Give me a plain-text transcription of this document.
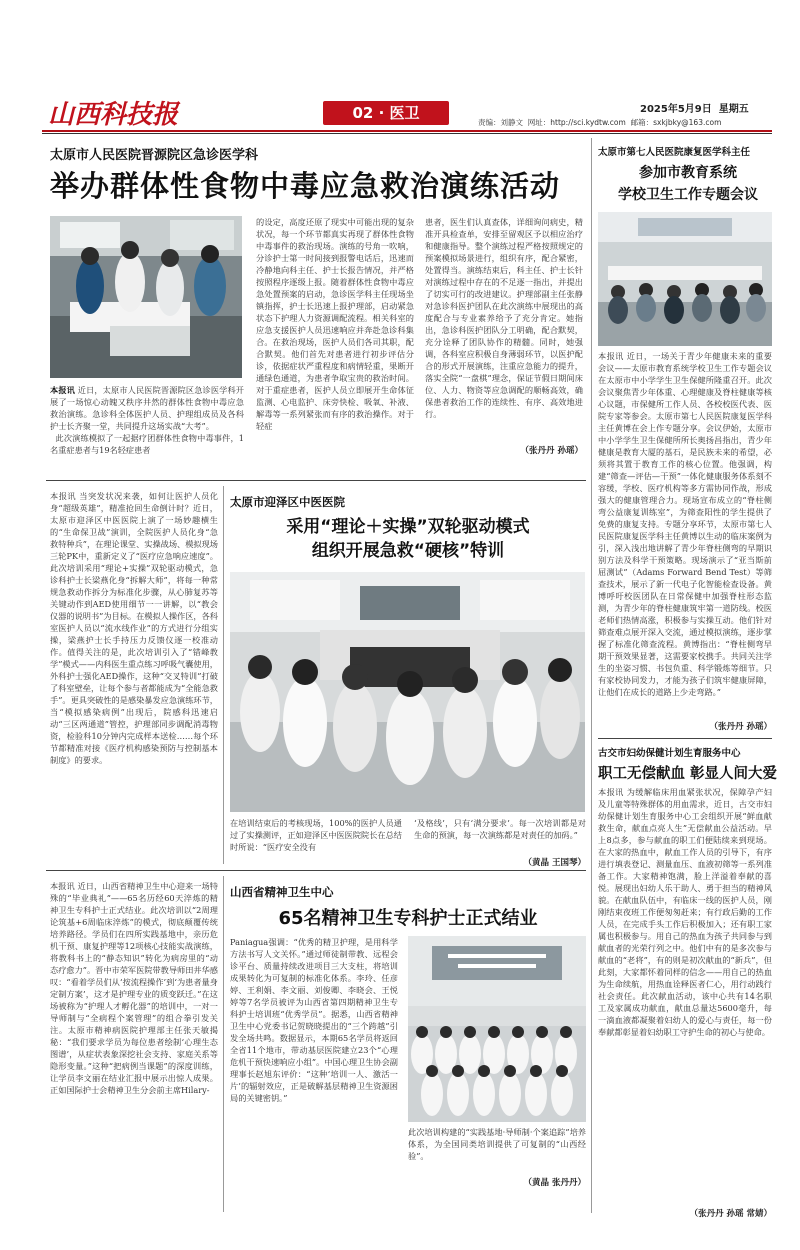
山西科技报	02 · 医卫	2025年5月9日 星期五
责编：刘静文 网址：http://sci.kydtw.com 邮箱：sxkjbky@163.com
太原市人民医院晋源院区急诊医学科
举办群体性食物中毒应急救治演练活动
本报讯 近日，太原市人民医院晋源院区急诊医学科开展了一场惊心动魄又秩序井然的群体性食物中毒应急救治演练。急诊科全体医护人员、护理组成员及各科护士长齐聚一堂，共同提升这场实战“大考”。
此次演练模拟了一起据疗团群体性食物中毒事件，1名重症患者与19名轻症患者
的设定，高度还原了现实中可能出现的复杂状况，每一个环节都真实再现了群体性食物中毒事件的救治现场。演练的号角一吹响，分诊护士第一时间接到报警电话后，迅速而冷静地向科主任、护士长报告情况，并严格按照程序逐级上报。随着群体性食物中毒应急处置预案的启动，急诊医学科主任现场坐镇指挥，护士长迅速上报护理部，启动紧急状态下护理人力资源调配流程。相关科室的应急支援医护人员迅速响应并奔赴急诊科集合。在救治现场，医护人员们各司其职，配合默契。他们首先对患者进行初步评估分诊，依据症状严重程度和病情轻重，果断开通绿色通道，为患者争取宝贵的救治时间。对于重症患者，医护人员立即展开生命体征监测、心电监护、床旁快检、吸氧、补液、解毒等一系列紧张而有序的救治操作。对于轻症
患者，医生们认真查体，详细询问病史，精准开具检查单，安排至留观区予以相应治疗和健康指导。整个演练过程严格按照规定的预案模拟场景进行，组织有序，配合紧密，处置得当。演练结束后，科主任、护士长针对演练过程中存在的不足逐一指出，并提出了切实可行的改进建议。护理部副主任张静对急诊科医护团队在此次演练中展现出的高度配合与专业素养给予了充分肯定。她指出，急诊科医护团队分工明确，配合默契，充分诠释了团队协作的精髓。同时，她强调，各科室应积极自身薄弱环节，以医护配合的形式开展演练，注重应急能力的提升，落实全院“一盘棋”理念，保证节假日期间床位、人力、物资等应急调配的顺畅高效，确保患者救治工作的连续性、有序、高效地进行。
（张丹丹 孙瑶）
太原市第七人民医院康复医学科主任
参加市教育系统
学校卫生工作专题会议
本报讯 近日，一场关于青少年健康未来的重要会议——太原市教育系统学校卫生工作专题会议在太原市中小学学生卫生保健所隆重召开。此次会议聚焦青少年体重、心理健康及脊柱健康等核心议题，市保健所工作人员、各校校医代表、医院专家等参会。太原市第七人民医院康复医学科主任黄博在会上作专题分享。会议伊始，太原市中小学学生卫生保健所所长奥扬昌指出，青少年健康是教育大厦的基石，是民族未来的希望，必须将其置于教育工作的核心位置。他强调，构建“筛查—评估—干预”一体化健康服务体系刻不容缓，学校、医疗机构等多方需协同作战，形成强大的健康管理合力。现场宣布成立的“脊柱侧弯公益康复训练室”，为筛查阳性的学生提供了免费的康复支持。专题分享环节，太原市第七人民医院康复医学科主任黄博以生动的临床案例为引，深入浅出地讲解了青少年脊柱侧弯的早期识别方法及科学干预策略。现场演示了“亚当斯前屈测试”（Adams Forward Bend Test）等筛查技术，展示了新一代电子化智能检查设备。黄博呼吁校医团队在日常保健中加强脊柱形态监测，为青少年的脊柱健康筑牢第一道防线。校医老师们热情高涨，积极参与实操互动。他们针对筛查难点展开深入交流，通过模拟演练，逐步掌握了标准化筛查流程。黄博指出：“脊柱侧弯早期干预效果显著，这需要家校携手。共同关注学生的坐姿习惯、书包负重、科学锻炼等细节。只有家校协同发力，才能为孩子们筑牢健康屏障，让他们在成长的道路上少走弯路。”
（张丹丹 孙瑶）
本报讯 当突发状况来袭，如何让医护人员化身“超级英雄”，精准抢回生命倒计时？近日，太原市迎泽区中医医院上演了一场妙趣横生的“生命保卫战”演训，全院医护人员化身“急救特种兵”，在理论课堂、实操战场、模拟现场三轮PK中，重新定义了“医疗应急响应速度”。此次培训采用“理论+实操”双轮驱动模式，急诊科护士长梁燕化身“拆解大师”，将每一种常规急救动作拆分为标准化步骤，从心肺复苏等关键动作到AED使用细节一一讲解，以“教会仪器的说明书”为目标。在模拟人操作区，各科室医护人员以“流水线作业”的方式进行分组实操，梁燕护士长手持压力反馈仪逐一校准动作。值得关注的是，此次培训引入了“错峰教学”模式——内科医生重点练习呼吸气囊使用，外科护士强化AED操作，这种“交叉特训”打破了科室壁垒，让每个参与者都能成为“全能急救手”。更具突破性的是感染暴发应急演练环节，当“模拟感染病例”出现后，院感科迅速启动“三区两通道”管控，护理部同步调配消毒物资，检验科10分钟内完成样本送检……每个环节都精准对接《医疗机构感染预防与控制基本制度》的要求。
太原市迎泽区中医医院
采用“理论＋实操”双轮驱动模式
组织开展急救“硬核”特训
在培训结束后的考核现场，100%的医护人员通过了实操测评，正如迎泽区中医医院院长在总结时所说：“医疗安全没有
‘及格线’，只有‘满分要求’。每一次培训都是对生命的预演，每一次演练都是对责任的加码。”
（黄晶 王国琴）
古交市妇幼保健计划生育服务中心
职工无偿献血 彰显人间大爱
本报讯 为缓解临床用血紧张状况，保障孕产妇及儿童等特殊群体的用血需求，近日，古交市妇幼保健计划生育服务中心工会组织开展“鲜血献救生命，献血点亮人生”无偿献血公益活动。早上8点多，参与献血的职工们便陆续来到现场。在大家的热血中，献血工作人员的引导下，有序进行填表登记、测量血压、血液初筛等一系列准备工作。大家精神饱满，脸上洋溢着奉献的喜悦。展现出妇幼人乐于助人、勇于担当的精神风貌。在献血队伍中，有临床一线的医护人员，刚刚结束夜班工作便匆匆赶来；有行政后勤的工作人员，在完成手头工作后积极加入；还有职工家属也积极参与。用自己的热血为孩子共同参与到献血者的光荣行列之中。他们中有的是多次参与献血的“老将”，有的则是初次献血的“新兵”，但此刻，大家都怀着同样的信念——用自己的热血为生命续航，用热血诠释医者仁心，用行动践行社会责任。此次献血活动，该中心共有14名职工及家属成功献血，献血总量达5600毫升，每一滴血液都凝聚着妇幼人的爱心与责任，每一份奉献都彰显着妇幼职工守护生命的初心与使命。
（张丹丹 孙瑶 常婧）
本报讯 近日，山西省精神卫生中心迎来一场特殊的“毕业典礼”——65名历经60天淬炼的精神卫生专科护士正式结业。此次培训以“2周理论筑基+6周临床淬炼”的模式，彻底颠覆传统培养路径。学员们在四所实践基地中，亲历危机干预、康复护理等12项核心技能实战演练，将教科书上的“静态知识”转化为病房里的“动态疗愈力”。晋中市荣军医院带教导师田井华感叹：“看着学员们从‘按流程操作’到‘为患者量身定制方案’，这才是护理专业的质变跃迁。”在这场被称为“护理人才孵化器”的培训中，一对一导师制与“全病程个案管理”的组合拳引发关注。太原市精神病医院护理部主任张天敏揭秘：“我们要求学员为每位患者绘制‘心理生态图谱’，从症状表象深挖社会支持、家庭关系等隐形变量。”这种“把病例当课题”的深度训练，让学员李文丽在结业汇报中展示出惊人成果。正如国际护士会精神卫生分会前主席Hilary-
山西省精神卫生中心
65名精神卫生专科护士正式结业
Paniagua强调：“优秀的精卫护理，是用科学方法书写人文关怀。”通过师徒制带教、远程会诊平台、质量持续改进项目三大支柱，将培训成果转化为可复制的标准化体系。李玲、任彦婷、王利娟、李文丽、刘俊卿、李晓会、王悦婷等7名学员被评为山西省第四期精神卫生专科护士培训班“优秀学员”。据悉，山西省精神卫生中心党委书记贺晓晓提出的“三个跨越”引发全场共鸣。数据显示，本期65名学员将返回全省11个地市，带动基层医院建立23个“心理危机干预快速响应小组”。中国心理卫生协会副理事长赵旭东评价：“这种‘培训一人、激活一片’的辐射效应，正是破解基层精神卫生资源困局的关键密钥。”
此次培训构建的“实践基地·导师制·个案追踪”培养体系，为全国同类培训提供了可复制的“山西经验”。
（黄晶 张丹丹）
